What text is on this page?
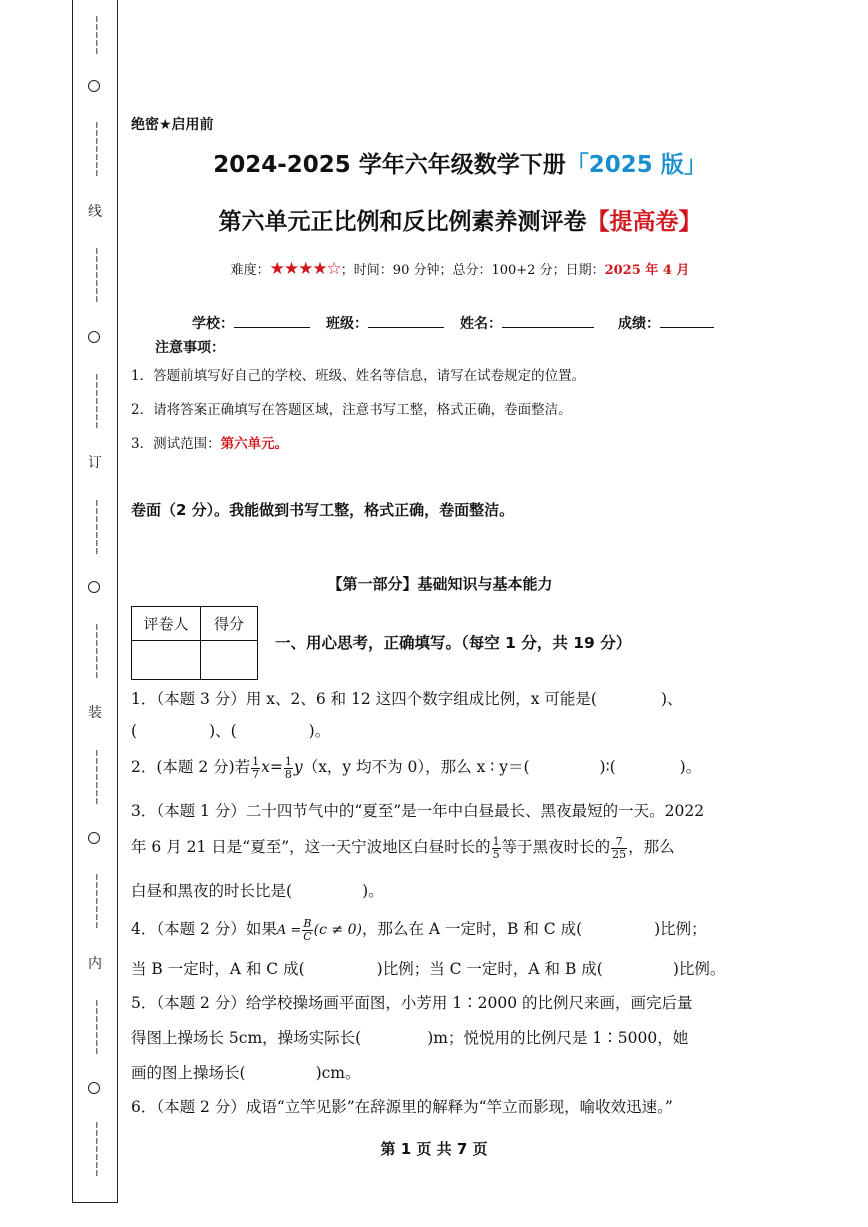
……………
…………………
线
…………………
…………………
订
…………………
…………………
装
…………………
…………………
内
…………………
…………………
绝密★启用前
2024-2025 学年六年级数学下册「2025 版」
第六单元正比例和反比例素养测评卷【提高卷】
难度：★★★★☆；时间：90 分钟；总分：100+2 分；日期：2025 年 4 月
学校：	班级：	姓名：	成绩：
注意事项：
1．答题前填写好自己的学校、班级、姓名等信息，请写在试卷规定的位置。
2．请将答案正确填写在答题区域，注意书写工整，格式正确，卷面整洁。
3．测试范围：第六单元。
卷面（2 分）。我能做到书写工整，格式正确，卷面整洁。
【第一部分】基础知识与基本能力
评卷人	得分

一、用心思考，正确填写。（每空 1 分，共 19 分）
1．（本题 3 分）用 x、2、6 和 12 这四个数字组成比例，x 可能是(	)、
(	)、(	)。
2．(本题 2 分)若 $\frac{1}{7} x= \frac{1}{8} y(x$，y 均不为 0），那么 x ∶ y＝(	)∶(	)。
3．（本题 1 分）二十四节气中的“夏至”是一年中白昼最长、黑夜最短的一天。2022
年 6 月 21 日是“夏至”，这一天宁波地区白昼时长的 $\frac{1}{5}$ 等于黑夜时长的 $\frac{7}{25}$ ，那么
白昼和黑夜的时长比是(	)。
4．（本题 2 分）如果$A = \frac{B}{C} (c \ne 0)$，那么在 A 一定时，B 和 C 成(	)比例；
当 B 一定时，A 和 C 成(	)比例；当 C 一定时，A 和 B 成(	)比例。
5．（本题 2 分）给学校操场画平面图，小芳用 1∶2000 的比例尺来画，画完后量
得图上操场长 5cm，操场实际长(	)m；悦悦用的比例尺是 1∶5000，她
画的图上操场长(	)cm。
6．（本题 2 分）成语“立竿见影”在辞源里的解释为“竿立而影现，喻收效迅速。”
第 1 页 共 7 页
